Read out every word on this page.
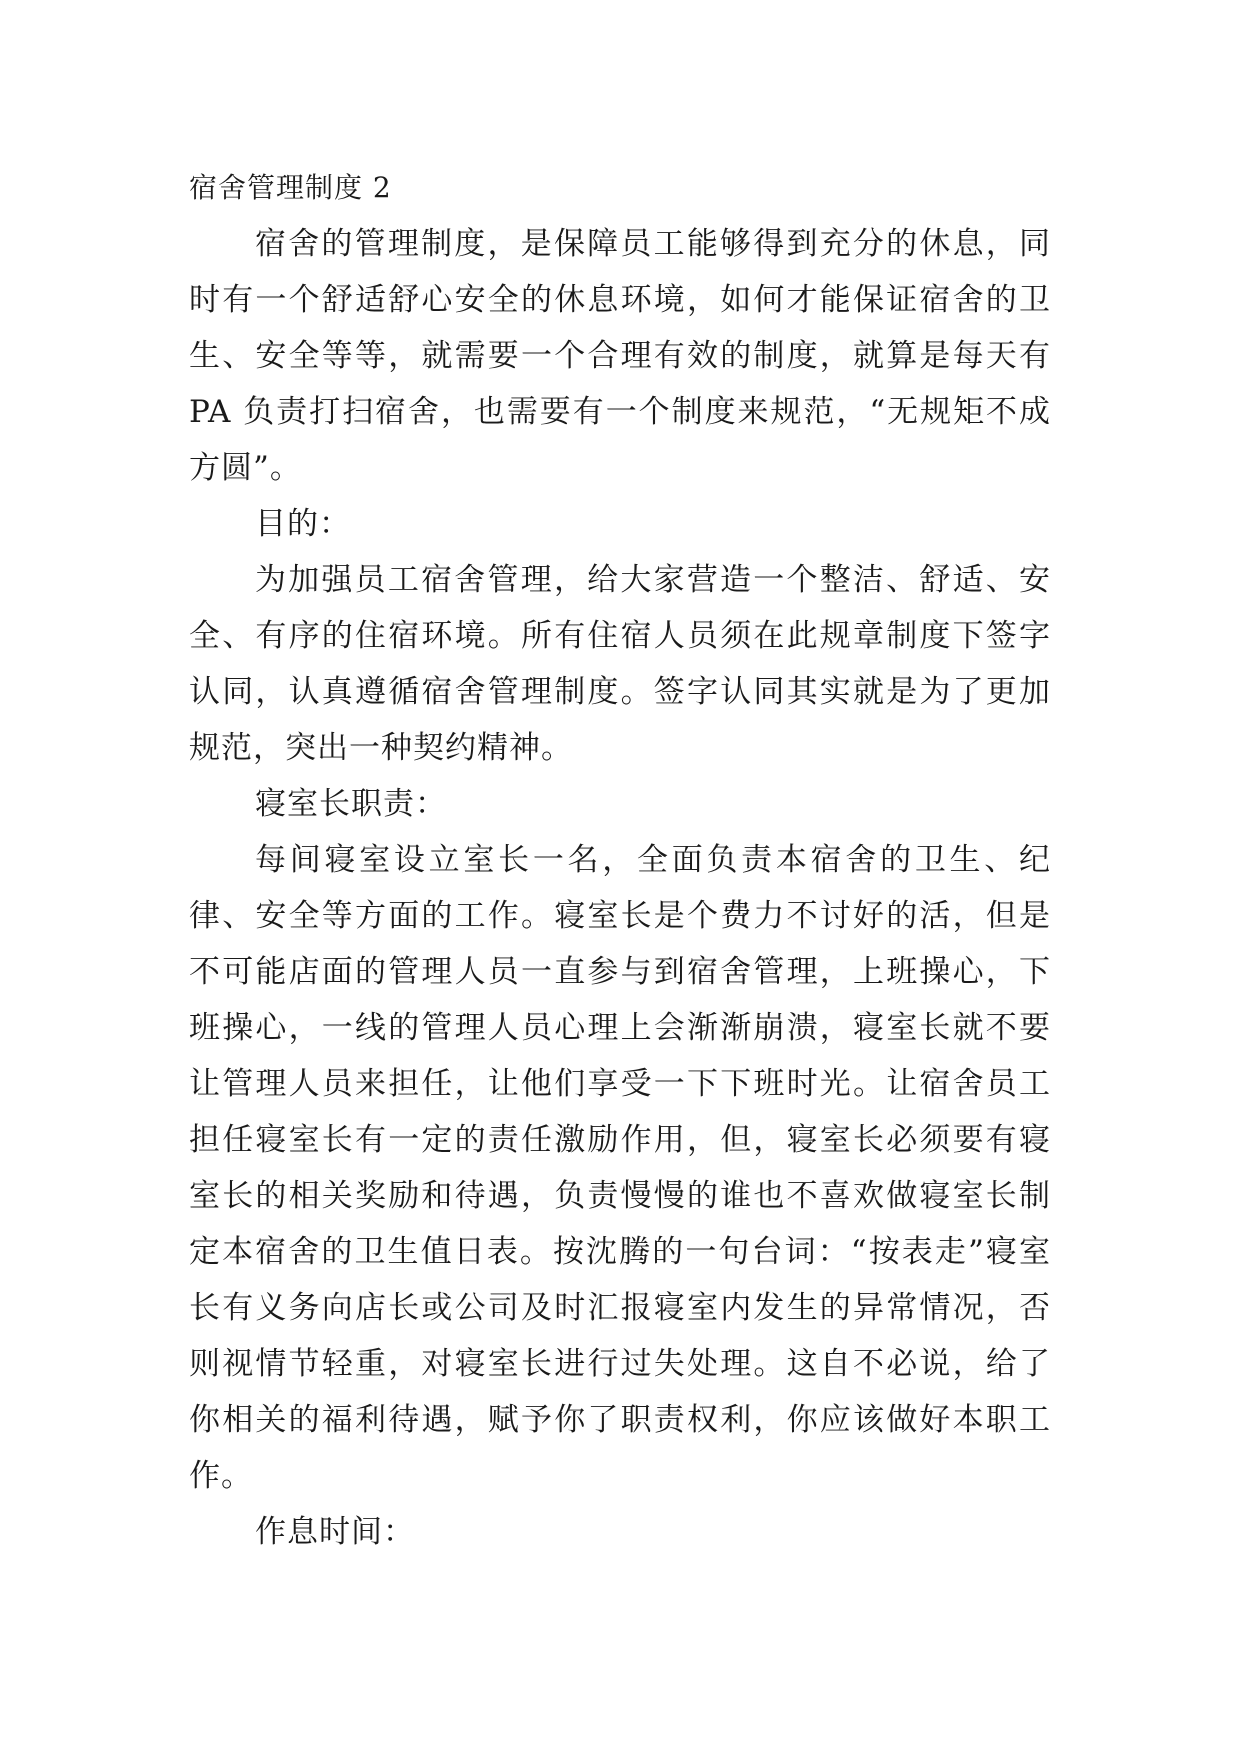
宿舍管理制度 2

宿舍的管理制度，是保障员工能够得到充分的休息，同时有一个舒适舒心安全的休息环境，如何才能保证宿舍的卫生、安全等等，就需要一个合理有效的制度，就算是每天有 PA 负责打扫宿舍，也需要有一个制度来规范，“无规矩不成方圆”。

目的：

为加强员工宿舍管理，给大家营造一个整洁、舒适、安全、有序的住宿环境。所有住宿人员须在此规章制度下签字认同，认真遵循宿舍管理制度。签字认同其实就是为了更加规范，突出一种契约精神。

寝室长职责：

每间寝室设立室长一名，全面负责本宿舍的卫生、纪律、安全等方面的工作。寝室长是个费力不讨好的活，但是不可能店面的管理人员一直参与到宿舍管理，上班操心，下班操心，一线的管理人员心理上会渐渐崩溃，寝室长就不要让管理人员来担任，让他们享受一下下班时光。让宿舍员工担任寝室长有一定的责任激励作用，但，寝室长必须要有寝室长的相关奖励和待遇，负责慢慢的谁也不喜欢做寝室长制定本宿舍的卫生值日表。按沈腾的一句台词：“按表走”寝室长有义务向店长或公司及时汇报寝室内发生的异常情况，否则视情节轻重，对寝室长进行过失处理。这自不必说，给了你相关的福利待遇，赋予你了职责权利，你应该做好本职工作。

作息时间：
